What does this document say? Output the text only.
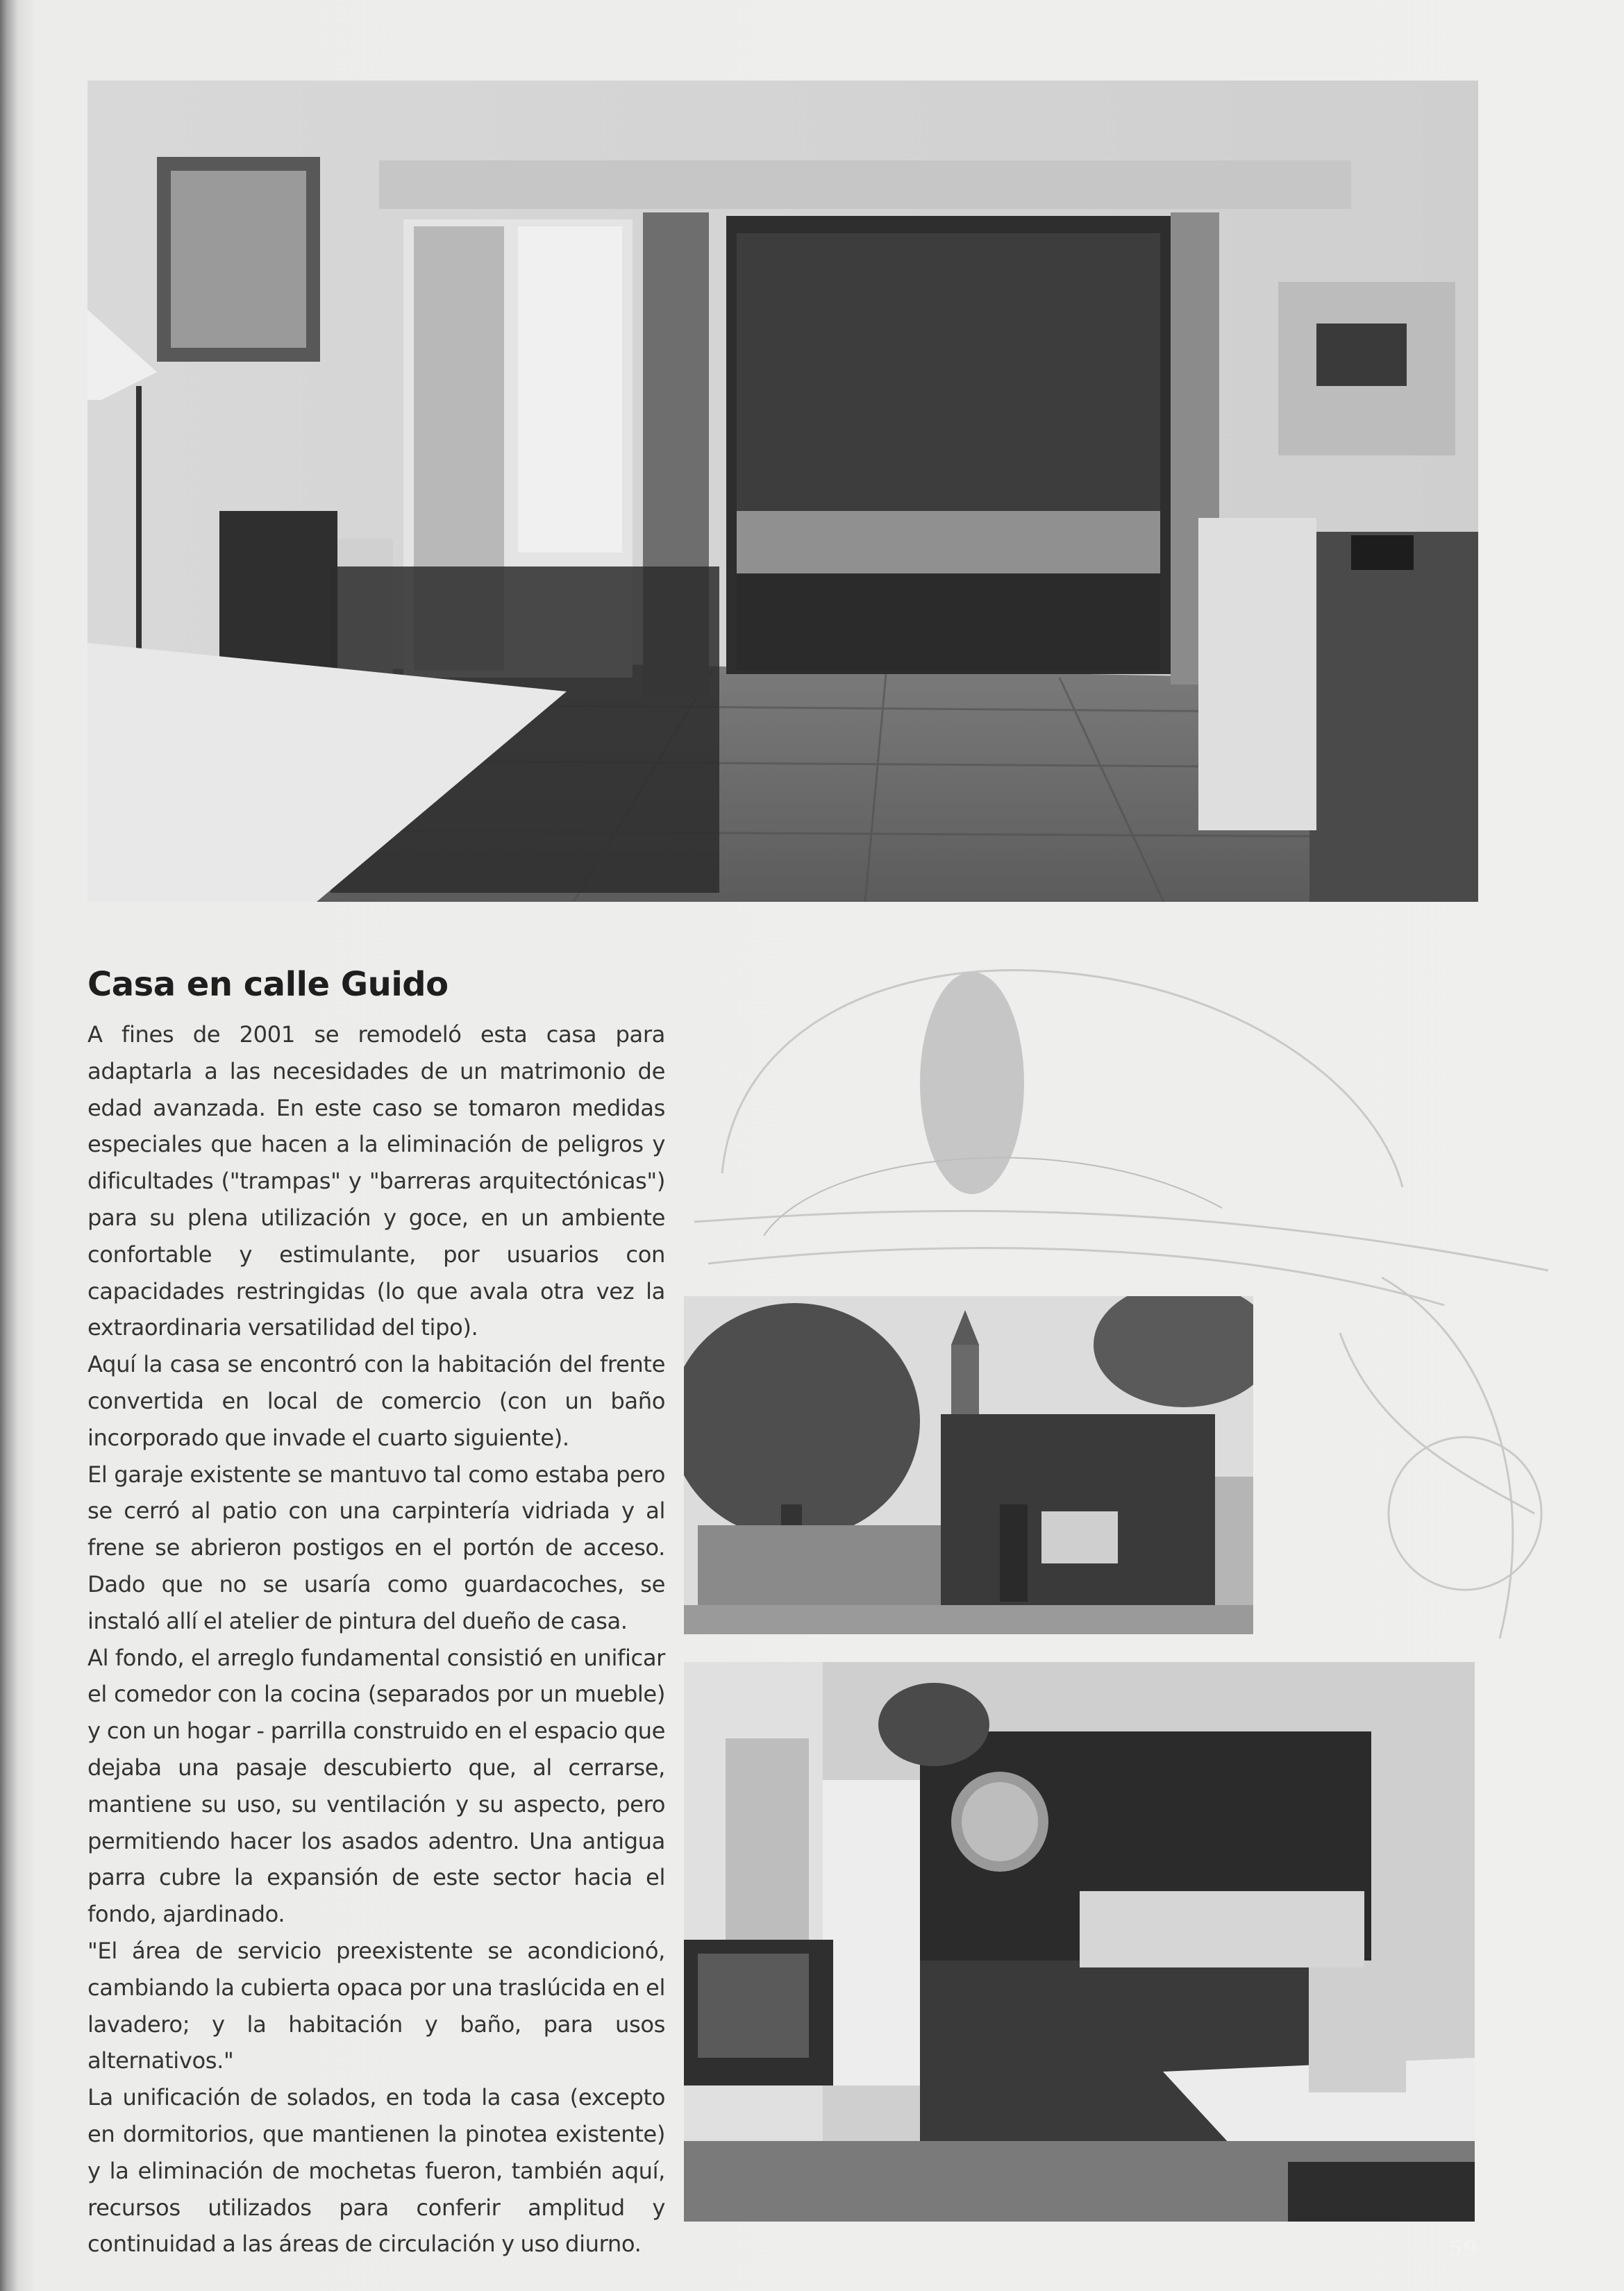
Casa en calle Guido

A fines de 2001 se remodeló esta casa para adaptarla a las necesidades de un matrimonio de edad avanzada. En este caso se tomaron medidas especiales que hacen a la eliminación de peligros y dificultades ("trampas" y "barreras arquitectónicas") para su plena utilización y goce, en un ambiente confortable y estimulante, por usuarios con capacidades restringidas (lo que avala otra vez la extraordinaria versatilidad del tipo).

Aquí la casa se encontró con la habitación del frente convertida en local de comercio (con un baño incorporado que invade el cuarto siguiente).

El garaje existente se mantuvo tal como estaba pero se cerró al patio con una carpintería vidriada y al frene se abrieron postigos en el portón de acceso. Dado que no se usaría como guardacoches, se instaló allí el atelier de pintura del dueño de casa.

Al fondo, el arreglo fundamental consistió en unificar el comedor con la cocina (separados por un mueble) y con un hogar - parrilla construido en el espacio que dejaba una pasaje descubierto que, al cerrarse, mantiene su uso, su ventilación y su aspecto, pero permitiendo hacer los asados adentro. Una antigua parra cubre la expansión de este sector hacia el fondo, ajardinado.

"El área de servicio preexistente se acondicionó, cambiando la cubierta opaca por una traslúcida en el lavadero; y la habitación y baño, para usos alternativos."

La unificación de solados, en toda la casa (excepto en dormitorios, que mantienen la pinotea existente) y la eliminación de mochetas fueron, también aquí, recursos utilizados para conferir amplitud y continuidad a las áreas de circulación y uso diurno.	59
